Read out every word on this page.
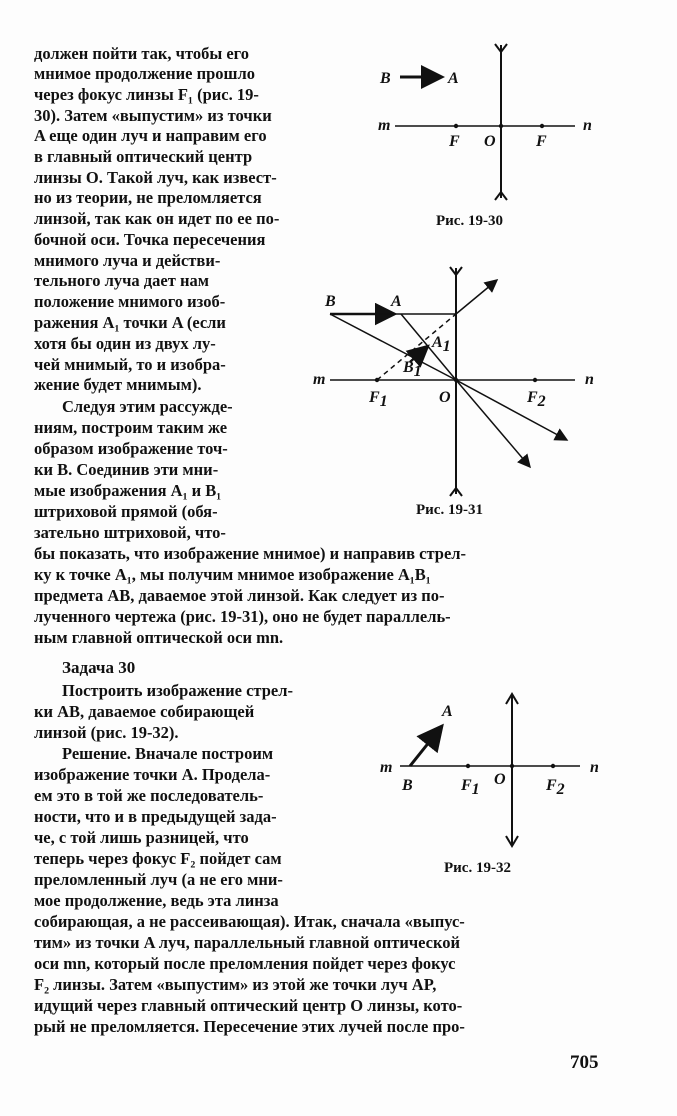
должен пойти так, чтобы его
мнимое продолжение прошло
через фокус линзы F₁ (рис. 19-
30). Затем «выпустим» из точки
A еще один луч и направим его
в главный оптический центр
линзы O. Такой луч, как извест-
но из теории, не преломляется
линзой, так как он идет по ее по-
бочной оси. Точка пересечения
мнимого луча и действи-
тельного луча дает нам
положение мнимого изоб-
ражения A₁ точки A (если
хотя бы один из двух лу-
чей мнимый, то и изобра-
жение будет мнимым).
Следуя этим рассужде-
ниям, построим таким же
образом изображение точ-
ки B. Соединив эти мни-
мые изображения A₁ и B₁
штриховой прямой (обя-
зательно штриховой, что-
бы показать, что изображение мнимое) и направив стрел-
ку к точке A₁, мы получим мнимое изображение A₁B₁
предмета AB, даваемое этой линзой. Как следует из по-
лученного чертежа (рис. 19-31), оно не будет параллель-
ным главной оптической оси mn.
Задача 30
Построить изображение стрел-
ки AB, даваемое собирающей
линзой (рис. 19-32).
Решение. Вначале построим
изображение точки А. Продела-
ем это в той же последователь-
ности, что и в предыдущей зада-
че, с той лишь разницей, что
теперь через фокус F₂ пойдет сам
преломленный луч (а не его мни-
мое продолжение, ведь эта линза
собирающая, а не рассеивающая). Итак, сначала «выпус-
тим» из точки A луч, параллельный главной оптической
оси mn, который после преломления пойдет через фокус
F₂ линзы. Затем «выпустим» из этой же точки луч AP,
идущий через главный оптический центр O линзы, кото-
рый не преломляется. Пересечение этих лучей после про-
B	A
m	n
F O	F
Рис. 19-30
B	A
A1
B1
m	n
F1	O	F2
Рис. 19-31
A
m
B	F1
O	F2
n
Рис. 19-32
705
